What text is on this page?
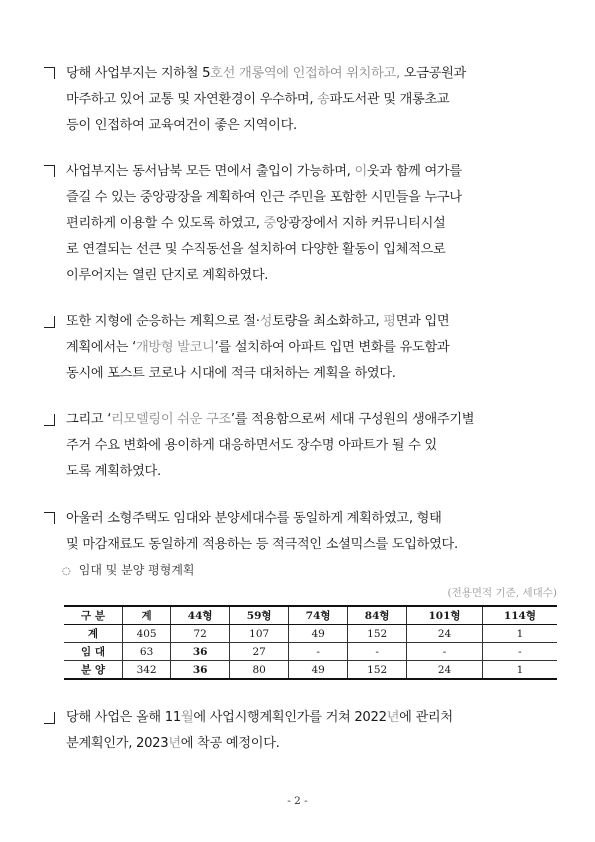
당해 사업부지는 지하철 5호선 개롱역에 인접하여 위치하고, 오금공원과
마주하고 있어 교통 및 자연환경이 우수하며, 송파도서관 및 개롱초교
등이 인접하여 교육여건이 좋은 지역이다.
사업부지는 동서남북 모든 면에서 출입이 가능하며, 이웃과 함께 여가를
즐길 수 있는 중앙광장을 계획하여 인근 주민을 포함한 시민들을 누구나
편리하게 이용할 수 있도록 하였고, 중앙광장에서 지하 커뮤니티시설
로 연결되는 선큰 및 수직동선을 설치하여 다양한 활동이 입체적으로
이루어지는 열린 단지로 계획하였다.
또한 지형에 순응하는 계획으로 절·성토량을 최소화하고, 평면과 입면
계획에서는 ‘개방형 발코니’를 설치하여 아파트 입면 변화를 유도함과
동시에 포스트 코로나 시대에 적극 대처하는 계획을 하였다.
그리고 ‘리모델링이 쉬운 구조’를 적용함으로써 세대 구성원의 생애주기별
주거 수요 변화에 용이하게 대응하면서도 장수명 아파트가 될 수 있
도록 계획하였다.
아울러 소형주택도 임대와 분양세대수를 동일하게 계획하였고, 형태
및 마감재료도 동일하게 적용하는 등 적극적인 소셜믹스를 도입하였다.
◌ 임대 및 분양 평형계획
(전용면적 기준, 세대수)
구 분	계	44형	59형	74형	84형	101형	114형
계	405	72	107	49	152	24	1
임 대	63	36	27	-	-	-	-
분 양	342	36	80	49	152	24	1
당해 사업은 올해 11월에 사업시행계획인가를 거쳐 2022년에 관리처
분계획인가, 2023년에 착공 예정이다.
- 2 -
